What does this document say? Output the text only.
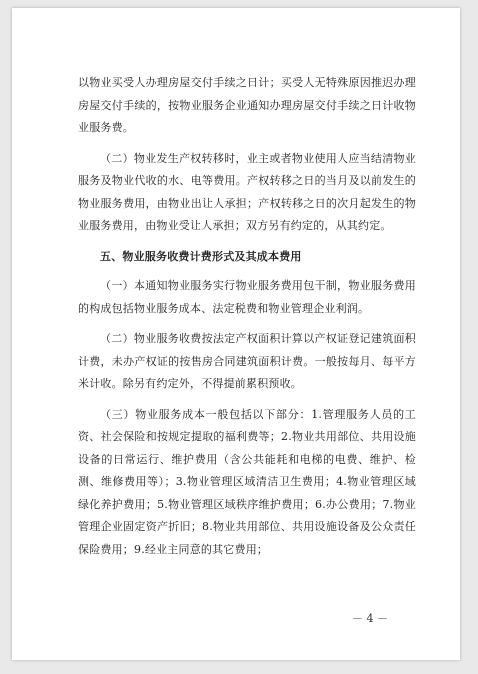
以物业买受人办理房屋交付手续之日计；买受人无特殊原因推迟办理房屋交付手续的，按物业服务企业通知办理房屋交付手续之日计收物业服务费。

（二）物业发生产权转移时，业主或者物业使用人应当结清物业服务及物业代收的水、电等费用。产权转移之日的当月及以前发生的物业服务费用，由物业出让人承担；产权转移之日的次月起发生的物业服务费用，由物业受让人承担；双方另有约定的，从其约定。

五、物业服务收费计费形式及其成本费用

（一）本通知物业服务实行物业服务费用包干制，物业服务费用的构成包括物业服务成本、法定税费和物业管理企业利润。

（二）物业服务收费按法定产权面积计算以产权证登记建筑面积计费，未办产权证的按售房合同建筑面积计费。一般按每月、每平方米计收。除另有约定外，不得提前累积预收。

（三）物业服务成本一般包括以下部分：1.管理服务人员的工资、社会保险和按规定提取的福利费等；2.物业共用部位、共用设施设备的日常运行、维护费用（含公共能耗和电梯的电费、维护、检测、维修费用等）；3.物业管理区域清洁卫生费用；4.物业管理区域绿化养护费用；5.物业管理区域秩序维护费用；6.办公费用；7.物业管理企业固定资产折旧；8.物业共用部位、共用设施设备及公众责任保险费用；9.经业主同意的其它费用；

－ 4 －
